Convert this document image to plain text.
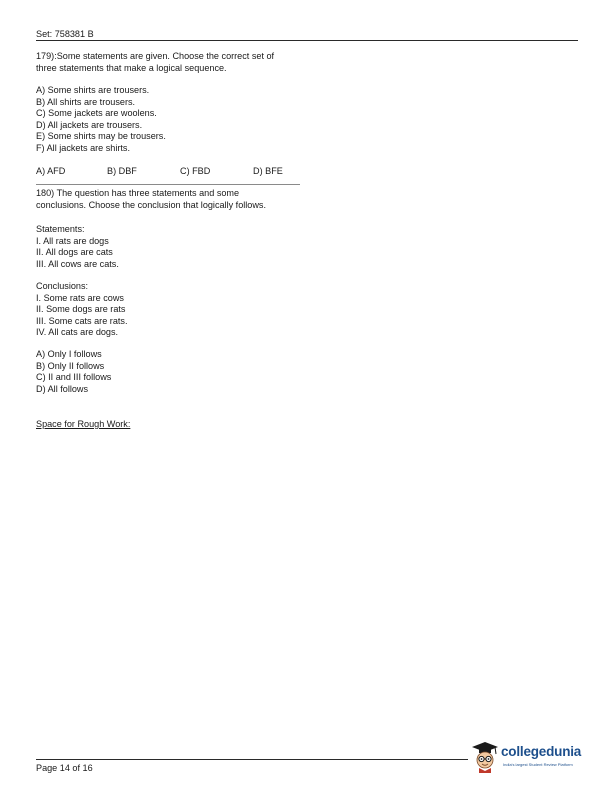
Set: 758381 B
179):Some statements are given. Choose the correct set of
three statements that make a logical sequence.
A) Some shirts are trousers.
B) All shirts are trousers.
C) Some jackets are woolens.
D) All jackets are trousers.
E) Some shirts may be trousers.
F) All jackets are shirts.
A) AFD	B) DBF	C) FBD	D) BFE
180) The question has three statements and some
conclusions. Choose the conclusion that logically follows.
Statements:
I. All rats are dogs
II. All dogs are cats
III. All cows are cats.
Conclusions:
I. Some rats are cows
II. Some dogs are rats
III. Some cats are rats.
IV. All cats are dogs.
A) Only I follows
B) Only II follows
C) II and III follows
D) All follows
Space for Rough Work:
Page 14 of 16
collegedunia
India's largest Student Review Platform
